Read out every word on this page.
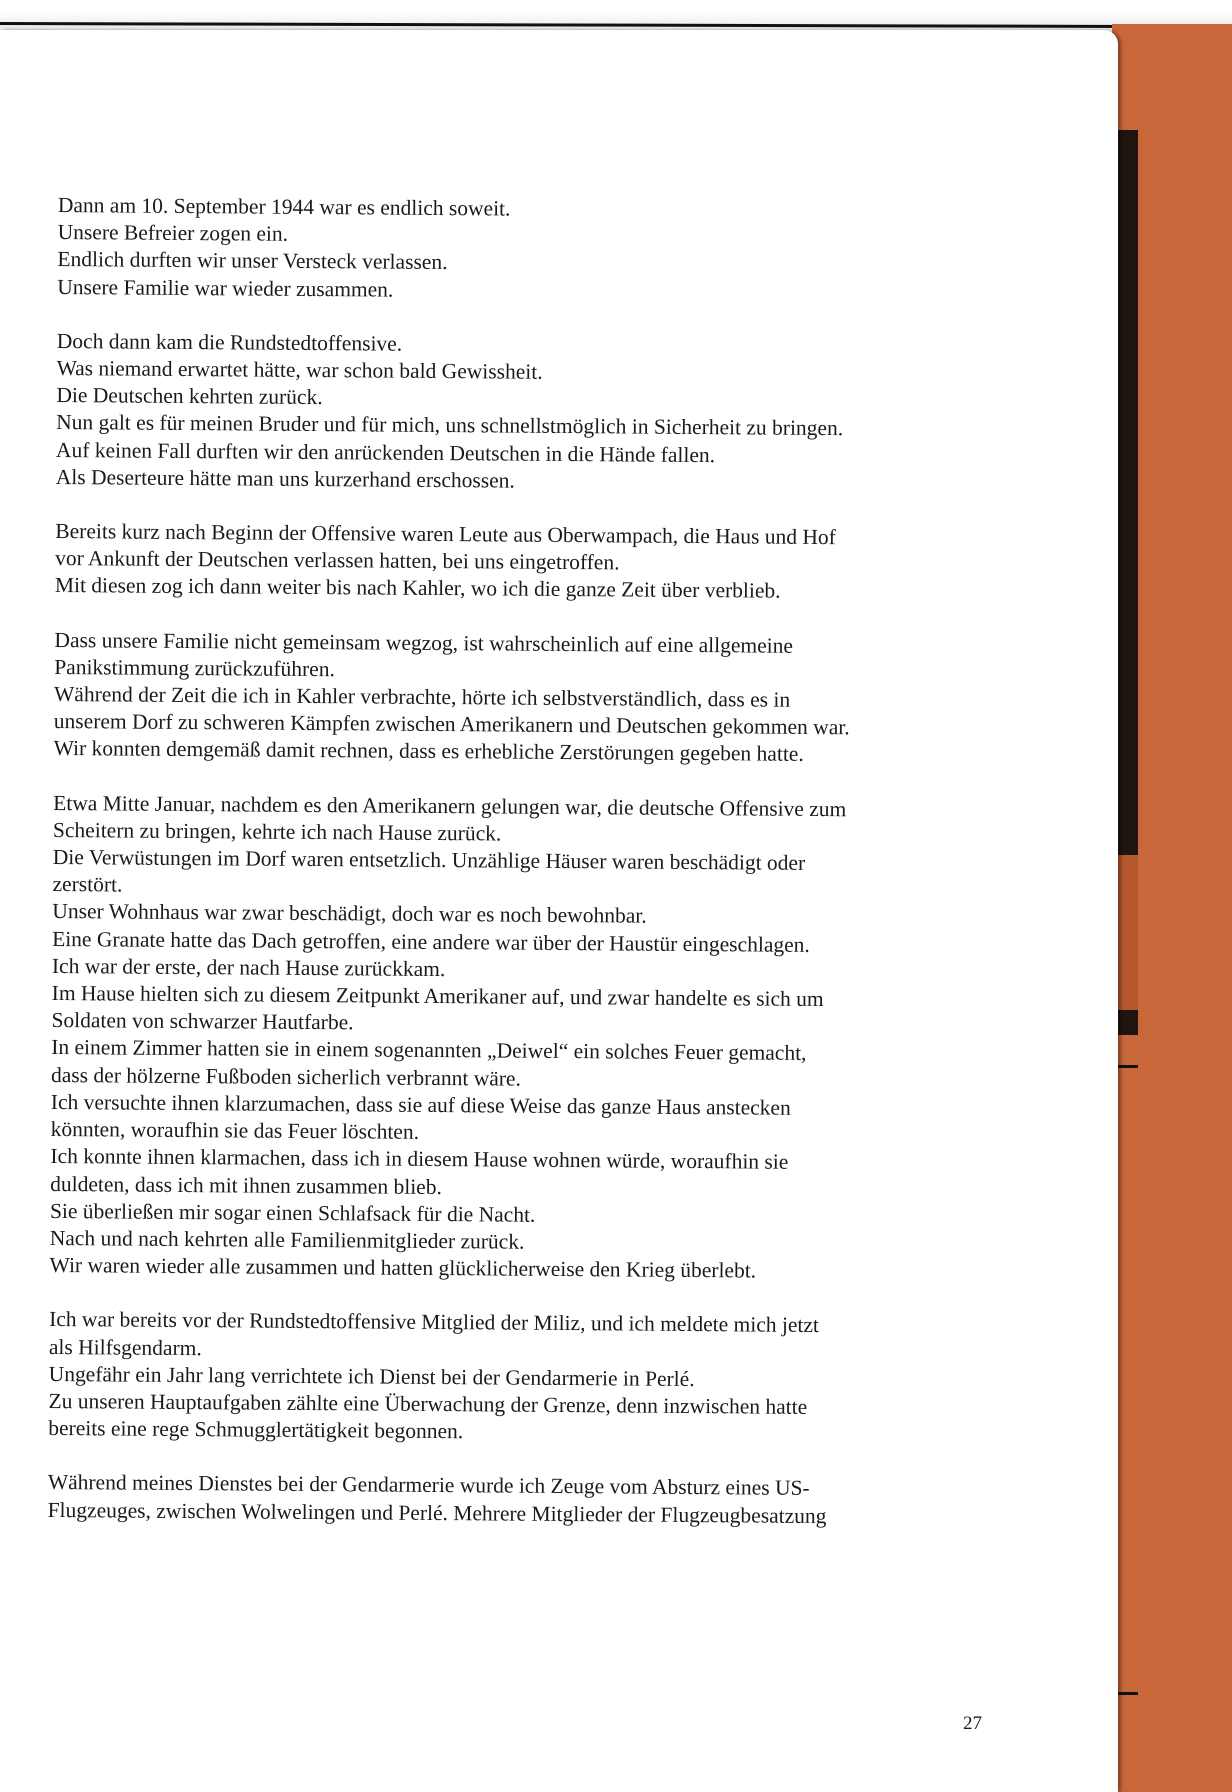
Dann am 10. September 1944 war es endlich soweit.
Unsere Befreier zogen ein.
Endlich durften wir unser Versteck verlassen.
Unsere Familie war wieder zusammen.
Doch dann kam die Rundstedtoffensive.
Was niemand erwartet hätte, war schon bald Gewissheit.
Die Deutschen kehrten zurück.
Nun galt es für meinen Bruder und für mich, uns schnellstmöglich in Sicherheit zu bringen.
Auf keinen Fall durften wir den anrückenden Deutschen in die Hände fallen.
Als Deserteure hätte man uns kurzerhand erschossen.
Bereits kurz nach Beginn der Offensive waren Leute aus Oberwampach, die Haus und Hof
vor Ankunft der Deutschen verlassen hatten, bei uns eingetroffen.
Mit diesen zog ich dann weiter bis nach Kahler, wo ich die ganze Zeit über verblieb.
Dass unsere Familie nicht gemeinsam wegzog, ist wahrscheinlich auf eine allgemeine
Panikstimmung zurückzuführen.
Während der Zeit die ich in Kahler verbrachte, hörte ich selbstverständlich, dass es in
unserem Dorf zu schweren Kämpfen zwischen Amerikanern und Deutschen gekommen war.
Wir konnten demgemäß damit rechnen, dass es erhebliche Zerstörungen gegeben hatte.
Etwa Mitte Januar, nachdem es den Amerikanern gelungen war, die deutsche Offensive zum
Scheitern zu bringen, kehrte ich nach Hause zurück.
Die Verwüstungen im Dorf waren entsetzlich. Unzählige Häuser waren beschädigt oder
zerstört.
Unser Wohnhaus war zwar beschädigt, doch war es noch bewohnbar.
Eine Granate hatte das Dach getroffen, eine andere war über der Haustür eingeschlagen.
Ich war der erste, der nach Hause zurückkam.
Im Hause hielten sich zu diesem Zeitpunkt Amerikaner auf, und zwar handelte es sich um
Soldaten von schwarzer Hautfarbe.
In einem Zimmer hatten sie in einem sogenannten „Deiwel“ ein solches Feuer gemacht,
dass der hölzerne Fußboden sicherlich verbrannt wäre.
Ich versuchte ihnen klarzumachen, dass sie auf diese Weise das ganze Haus anstecken
könnten, woraufhin sie das Feuer löschten.
Ich konnte ihnen klarmachen, dass ich in diesem Hause wohnen würde, woraufhin sie
duldeten, dass ich mit ihnen zusammen blieb.
Sie überließen mir sogar einen Schlafsack für die Nacht.
Nach und nach kehrten alle Familienmitglieder zurück.
Wir waren wieder alle zusammen und hatten glücklicherweise den Krieg überlebt.
Ich war bereits vor der Rundstedtoffensive Mitglied der Miliz, und ich meldete mich jetzt
als Hilfsgendarm.
Ungefähr ein Jahr lang verrichtete ich Dienst bei der Gendarmerie in Perlé.
Zu unseren Hauptaufgaben zählte eine Überwachung der Grenze, denn inzwischen hatte
bereits eine rege Schmugglertätigkeit begonnen.
Während meines Dienstes bei der Gendarmerie wurde ich Zeuge vom Absturz eines US-
Flugzeuges, zwischen Wolwelingen und Perlé. Mehrere Mitglieder der Flugzeugbesatzung
27
